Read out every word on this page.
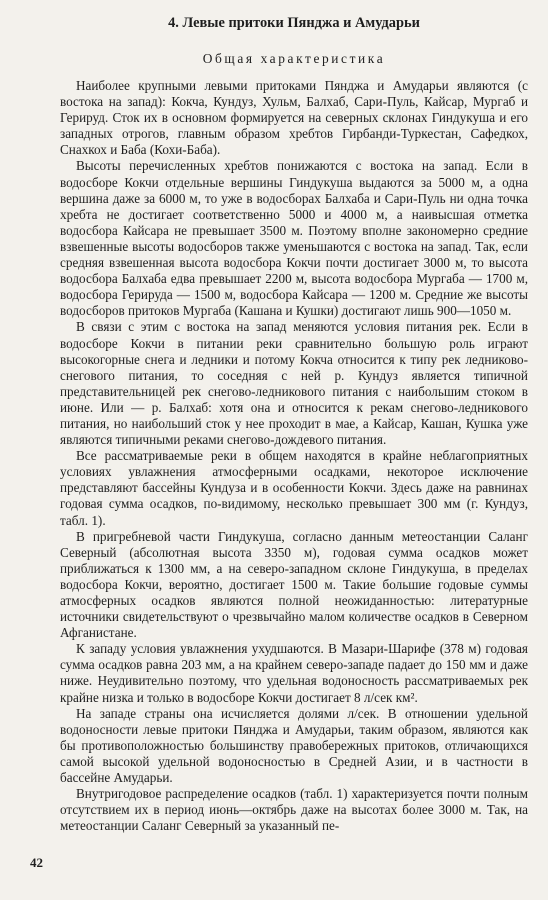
4. Левые притоки Пянджа и Амударьи
Общая характеристика

Наиболее крупными левыми притоками Пянджа и Амударьи являются (с востока на запад): Кокча, Кундуз, Хульм, Балхаб, Сари-Пуль, Кайсар, Мургаб и Герируд. Сток их в основном формируется на северных склонах Гиндукуша и его западных отрогов, главным образом хребтов Гирбанди-Туркестан, Сафедкох, Снахкох и Баба (Кохи-Баба).

Высоты перечисленных хребтов понижаются с востока на запад. Если в водосборе Кокчи отдельные вершины Гиндукуша выдаются за 5000 м, а одна вершина даже за 6000 м, то уже в водосборах Балхаба и Сари-Пуль ни одна точка хребта не достигает соответственно 5000 и 4000 м, а наивысшая отметка водосбора Кайсара не превышает 3500 м. Поэтому вполне закономерно средние взвешенные высоты водосборов также уменьшаются с востока на запад. Так, если средняя взвешенная высота водосбора Кокчи почти достигает 3000 м, то высота водосбора Балхаба едва превышает 2200 м, высота водосбора Мургаба — 1700 м, водосбора Герируда — 1500 м, водосбора Кайсара — 1200 м. Средние же высоты водосборов притоков Мургаба (Кашана и Кушки) достигают лишь 900—1050 м.

В связи с этим с востока на запад меняются условия питания рек. Если в водосборе Кокчи в питании реки сравнительно большую роль играют высокогорные снега и ледники и потому Кокча относится к типу рек ледниково-снегового питания, то соседняя с ней р. Кундуз является типичной представительницей рек снегово-ледникового питания с наибольшим стоком в июне. Или — р. Балхаб: хотя она и относится к рекам снегово-ледникового питания, но наибольший сток у нее проходит в мае, а Кайсар, Кашан, Кушка уже являются типичными реками снегово-дождевого питания.

Все рассматриваемые реки в общем находятся в крайне неблагоприятных условиях увлажнения атмосферными осадками, некоторое исключение представляют бассейны Кундуза и в особенности Кокчи. Здесь даже на равнинах годовая сумма осадков, по-видимому, несколько превышает 300 мм (г. Кундуз, табл. 1).

В пригребневой части Гиндукуша, согласно данным метеостанции Саланг Северный (абсолютная высота 3350 м), годовая сумма осадков может приближаться к 1300 мм, а на северо-западном склоне Гиндукуша, в пределах водосбора Кокчи, вероятно, достигает 1500 м. Такие большие годовые суммы атмосферных осадков являются полной неожиданностью: литературные источники свидетельствуют о чрезвычайно малом количестве осадков в Северном Афганистане.

К западу условия увлажнения ухудшаются. В Мазари-Шарифе (378 м) годовая сумма осадков равна 203 мм, а на крайнем северо-западе падает до 150 мм и даже ниже. Неудивительно поэтому, что удельная водоносность рассматриваемых рек крайне низка и только в водосборе Кокчи достигает 8 л/сек км².

На западе страны она исчисляется долями л/сек. В отношении удельной водоносности левые притоки Пянджа и Амударьи, таким образом, являются как бы противоположностью большинству правобережных притоков, отличающихся самой высокой удельной водоносностью в Средней Азии, и в частности в бассейне Амударьи.

Внутригодовое распределение осадков (табл. 1) характеризуется почти полным отсутствием их в период июнь—октябрь даже на высотах более 3000 м. Так, на метеостанции Саланг Северный за указанный пе-

42
